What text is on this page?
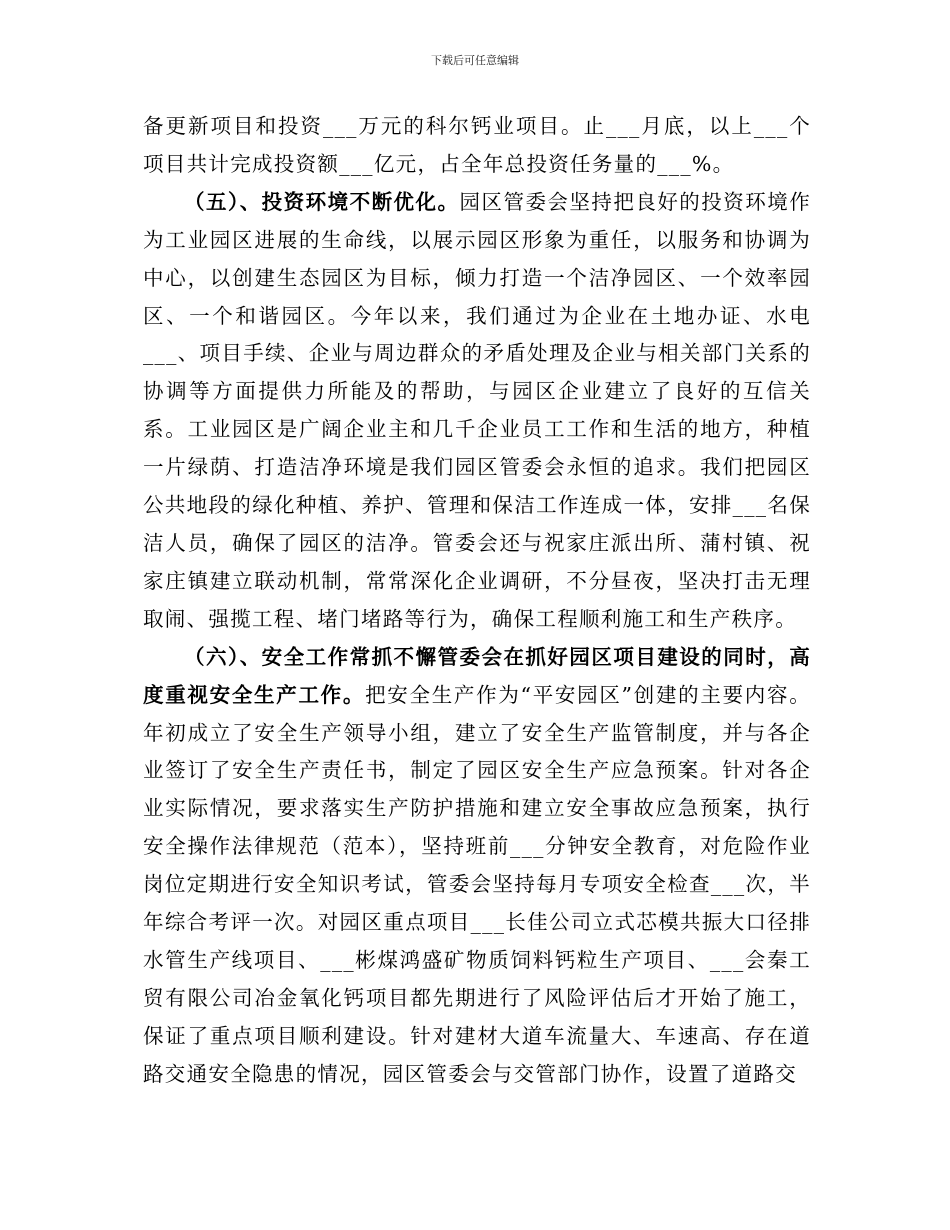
下载后可任意编辑

备更新项目和投资___万元的科尔钙业项目。止___月底，以上___个项目共计完成投资额___亿元，占全年总投资任务量的___%。

（五）、投资环境不断优化。园区管委会坚持把良好的投资环境作为工业园区进展的生命线，以展示园区形象为重任，以服务和协调为中心，以创建生态园区为目标，倾力打造一个洁净园区、一个效率园区、一个和谐园区。今年以来，我们通过为企业在土地办证、水电___、项目手续、企业与周边群众的矛盾处理及企业与相关部门关系的协调等方面提供力所能及的帮助，与园区企业建立了良好的互信关系。工业园区是广阔企业主和几千企业员工工作和生活的地方，种植一片绿荫、打造洁净环境是我们园区管委会永恒的追求。我们把园区公共地段的绿化种植、养护、管理和保洁工作连成一体，安排___名保洁人员，确保了园区的洁净。管委会还与祝家庄派出所、蒲村镇、祝家庄镇建立联动机制，常常深化企业调研，不分昼夜，坚决打击无理取闹、强揽工程、堵门堵路等行为，确保工程顺利施工和生产秩序。

（六）、安全工作常抓不懈管委会在抓好园区项目建设的同时，高度重视安全生产工作。把安全生产作为“平安园区”创建的主要内容。年初成立了安全生产领导小组，建立了安全生产监管制度，并与各企业签订了安全生产责任书，制定了园区安全生产应急预案。针对各企业实际情况，要求落实生产防护措施和建立安全事故应急预案，执行安全操作法律规范（范本），坚持班前___分钟安全教育，对危险作业岗位定期进行安全知识考试，管委会坚持每月专项安全检查___次，半年综合考评一次。对园区重点项目___长佳公司立式芯模共振大口径排水管生产线项目、___彬煤鸿盛矿物质饲料钙粒生产项目、___会秦工贸有限公司冶金氧化钙项目都先期进行了风险评估后才开始了施工，保证了重点项目顺利建设。针对建材大道车流量大、车速高、存在道路交通安全隐患的情况，园区管委会与交管部门协作，设置了道路交
